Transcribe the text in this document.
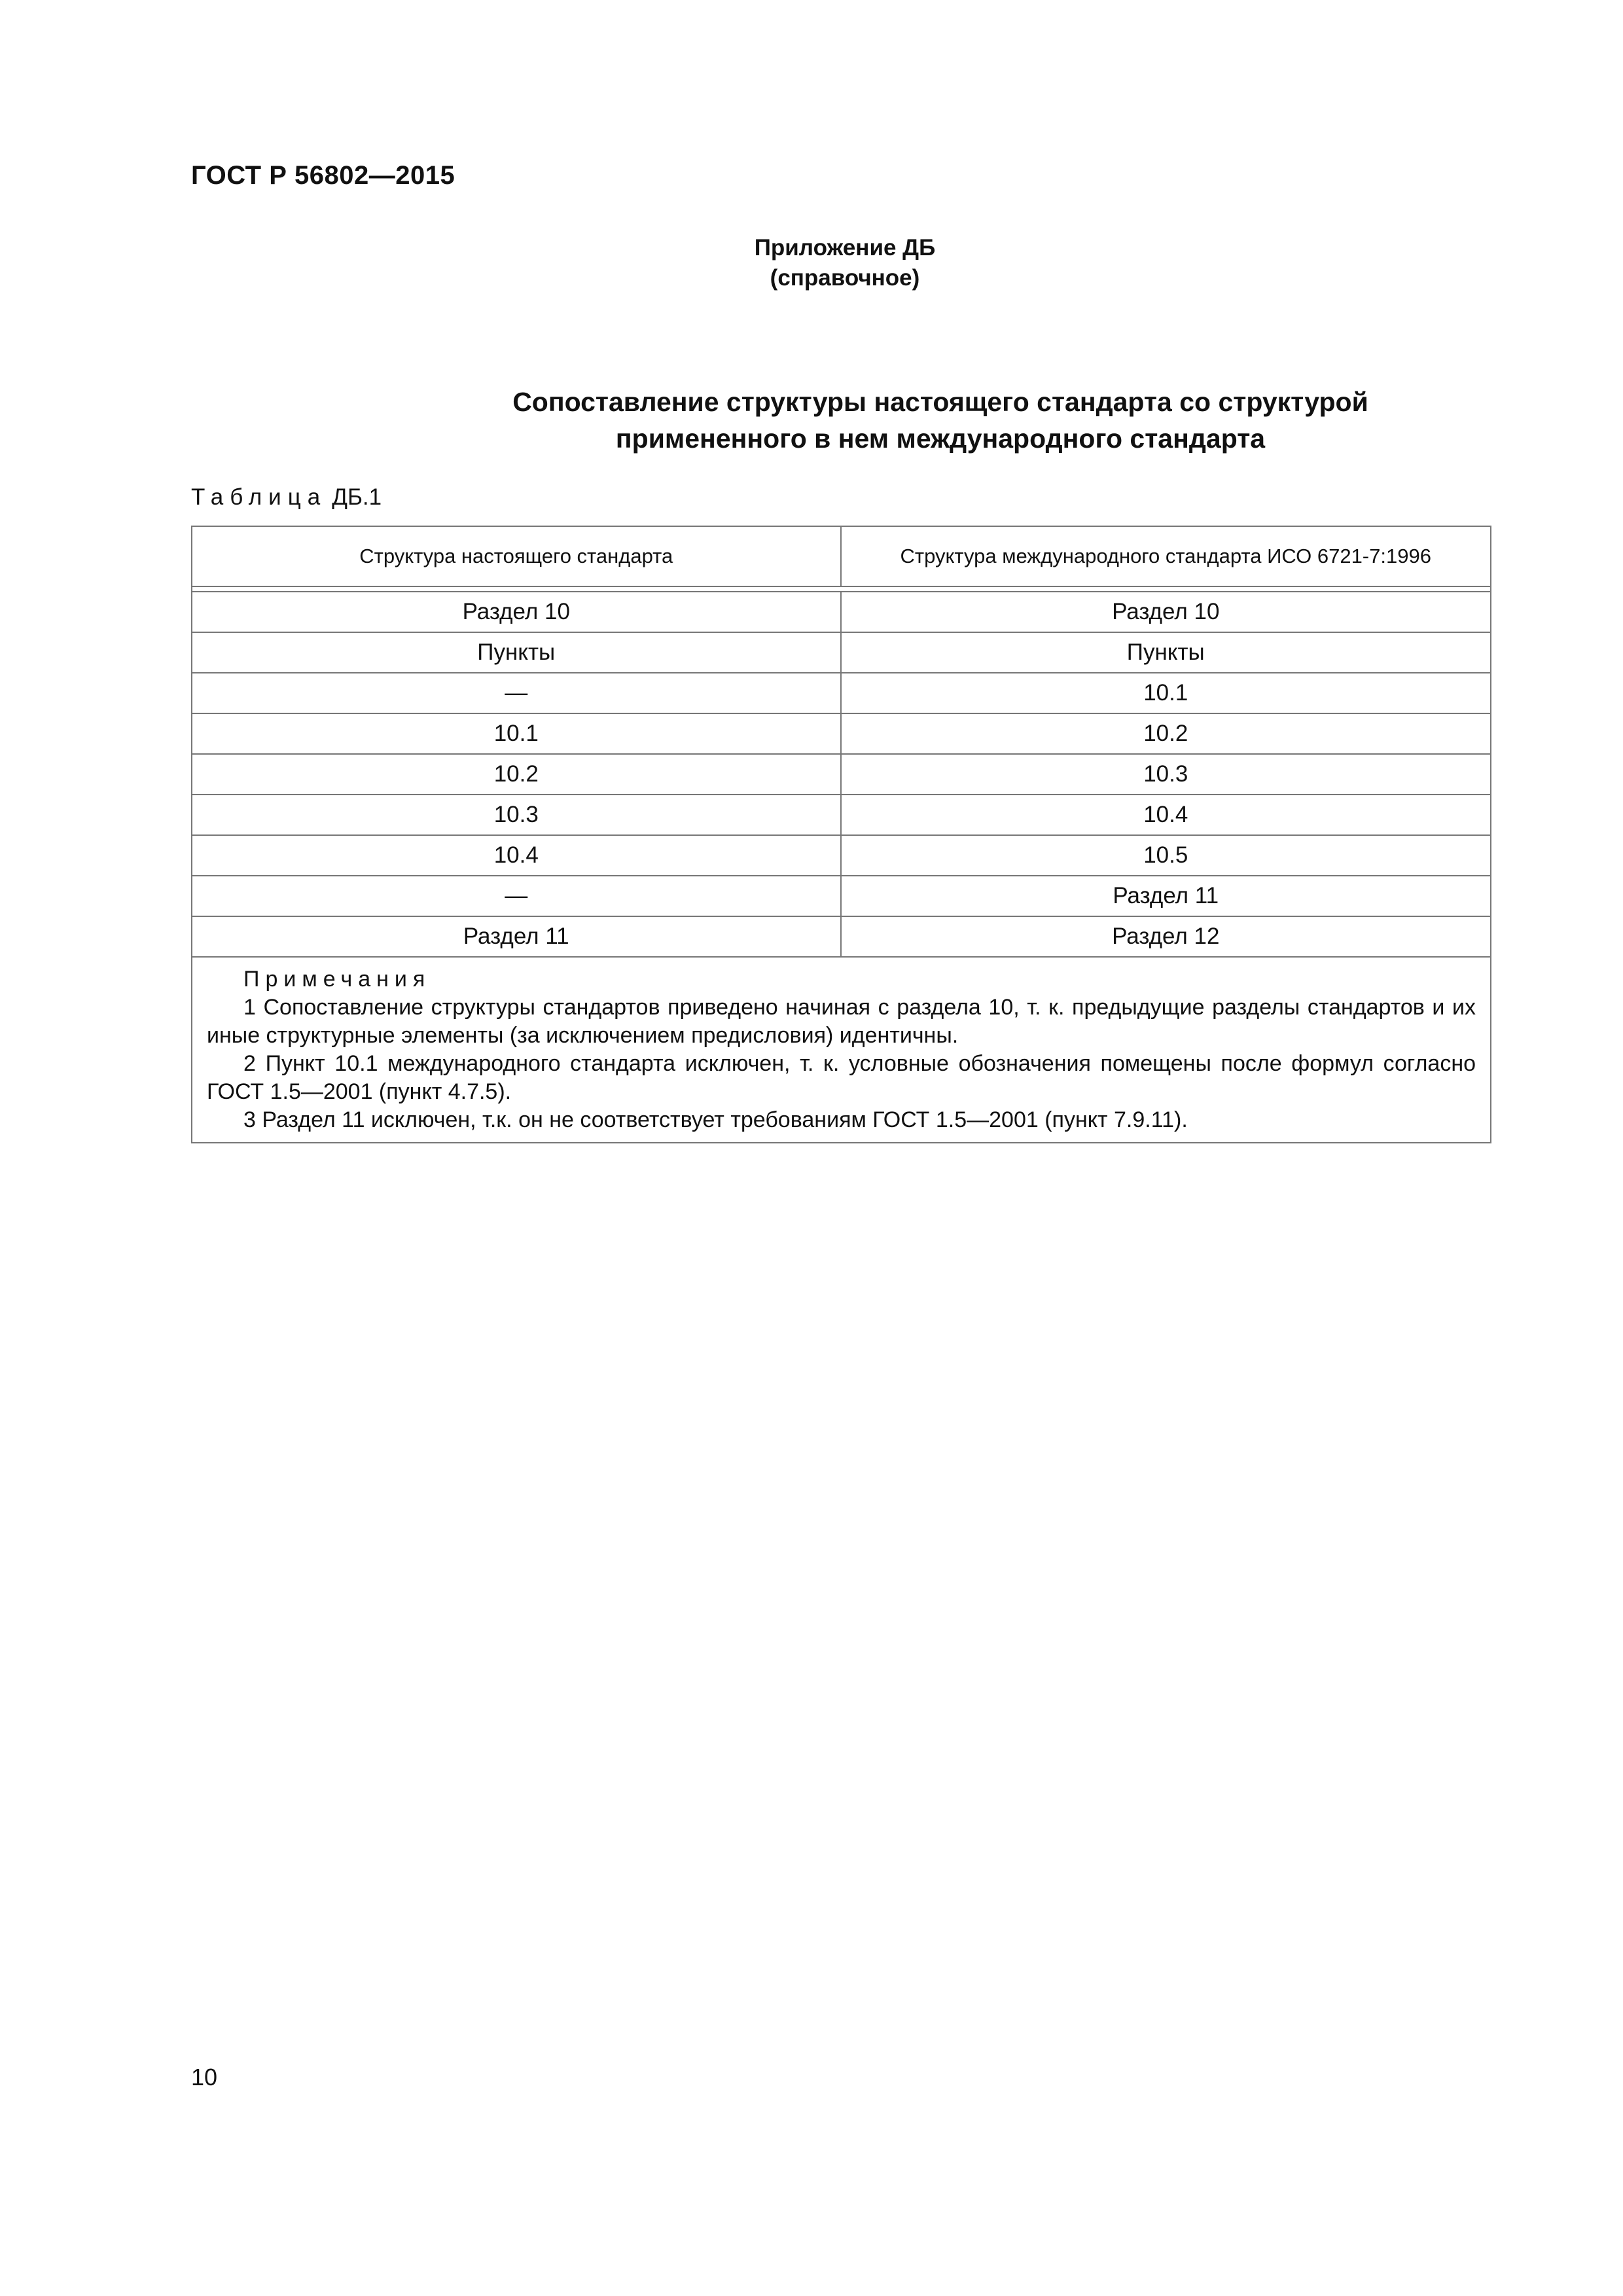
ГОСТ Р 56802—2015
Приложение ДБ
(справочное)
Сопоставление структуры настоящего стандарта со структурой
примененного в нем международного стандарта
Таблица ДБ.1
Структура настоящего стандарта	Структура международного стандарта ИСО 6721-7:1996
Раздел 10	Раздел 10
Пункты	Пункты
—	10.1
10.1	10.2
10.2	10.3
10.3	10.4
10.4	10.5
—	Раздел 11
Раздел 11	Раздел 12
Примечания
1 Сопоставление структуры стандартов приведено начиная с раздела 10, т. к. предыдущие разделы стандартов и их иные структурные элементы (за исключением предисловия) идентичны.
2 Пункт 10.1 международного стандарта исключен, т. к. условные обозначения помещены после формул согласно ГОСТ 1.5—2001 (пункт 4.7.5).
3 Раздел 11 исключен, т.к. он не соответствует требованиям ГОСТ 1.5—2001 (пункт 7.9.11).
10
